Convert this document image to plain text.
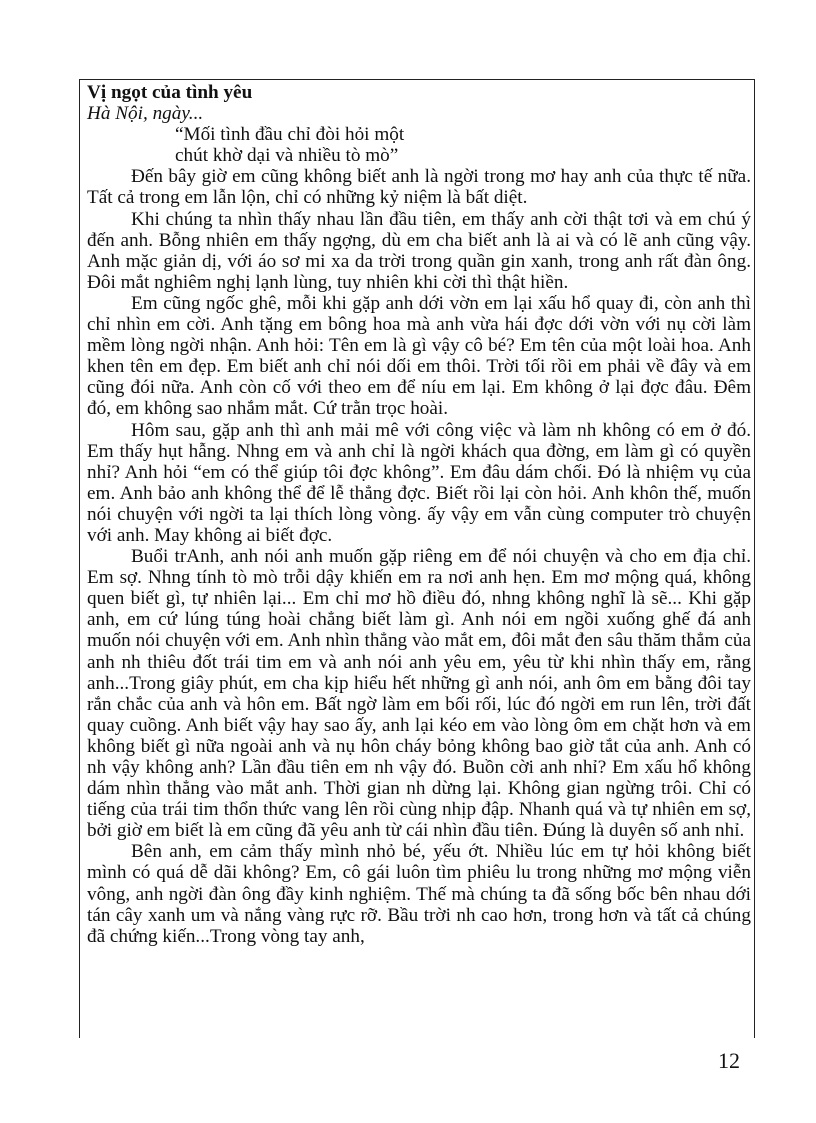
Vị ngọt của tình yêu

Hà Nội, ngày...

“Mối tình đầu chỉ đòi hỏi một

chút khờ dại và nhiều tò mò”

Đến bây giờ em cũng không biết anh là ngời trong mơ hay anh của thực tế nữa. Tất cả trong em lẫn lộn, chỉ có những kỷ niệm là bất diệt.

Khi chúng ta nhìn thấy nhau lần đầu tiên, em thấy anh cời thật tơi và em chú ý đến anh. Bỗng nhiên em thấy ngợng, dù em cha biết anh là ai và có lẽ anh cũng vậy. Anh mặc giản dị, với áo sơ mi xa da trời trong quần gin xanh, trong anh rất đàn ông. Đôi mắt nghiêm nghị lạnh lùng, tuy nhiên khi cời thì thật hiền.

Em cũng ngốc ghê, mỗi khi gặp anh dới vờn em lại xấu hổ quay đi, còn anh thì chỉ nhìn em cời. Anh tặng em bông hoa mà anh vừa hái đợc dới vờn với nụ cời làm mềm lòng ngời nhận. Anh hỏi: Tên em là gì vậy cô bé? Em tên của một loài hoa. Anh khen tên em đẹp. Em biết anh chỉ nói dối em thôi. Trời tối rồi em phải về đây và em cũng đói nữa. Anh còn cố với theo em để níu em lại. Em không ở lại đợc đâu. Đêm đó, em không sao nhắm mắt. Cứ trằn trọc hoài.

Hôm sau, gặp anh thì anh mải mê với công việc và làm nh không có em ở đó. Em thấy hụt hẫng. Nhng em và anh chỉ là ngời khách qua đờng, em làm gì có quyền nhỉ? Anh hỏi “em có thể giúp tôi đợc không”. Em đâu dám chối. Đó là nhiệm vụ của em. Anh bảo anh không thể để lễ thẳng đợc. Biết rồi lại còn hỏi. Anh khôn thế, muốn nói chuyện với ngời ta lại thích lòng vòng. ấy vậy em vẫn cùng computer trò chuyện với anh. May không ai biết đợc.

Buổi trAnh, anh nói anh muốn gặp riêng em để nói chuyện và cho em địa chỉ. Em sợ. Nhng tính tò mò trỗi dậy khiến em ra nơi anh hẹn. Em mơ mộng quá, không quen biết gì, tự nhiên lại... Em chỉ mơ hồ điều đó, nhng không nghĩ là sẽ... Khi gặp anh, em cứ lúng túng hoài chẳng biết làm gì. Anh nói em ngồi xuống ghế đá anh muốn nói chuyện với em. Anh nhìn thẳng vào mắt em, đôi mắt đen sâu thăm thẳm của anh nh thiêu đốt trái tim em và anh nói anh yêu em, yêu từ khi nhìn thấy em, rằng anh...Trong giây phút, em cha kịp hiểu hết những gì anh nói, anh ôm em bằng đôi tay rắn chắc của anh và hôn em. Bất ngờ làm em bối rối, lúc đó ngời em run lên, trời đất quay cuồng. Anh biết vậy hay sao ấy, anh lại kéo em vào lòng ôm em chặt hơn và em không biết gì nữa ngoài anh và nụ hôn cháy bỏng không bao giờ tắt của anh. Anh có nh vậy không anh? Lần đầu tiên em nh vậy đó. Buồn cời anh nhỉ? Em xấu hổ không dám nhìn thẳng vào mắt anh. Thời gian nh dừng lại. Không gian ngừng trôi. Chỉ có tiếng của trái tim thổn thức vang lên rồi cùng nhịp đập. Nhanh quá và tự nhiên em sợ, bởi giờ em biết là em cũng đã yêu anh từ cái nhìn đầu tiên. Đúng là duyên số anh nhỉ.

Bên anh, em cảm thấy mình nhỏ bé, yếu ớt. Nhiều lúc em tự hỏi không biết mình có quá dễ dãi không? Em, cô gái luôn tìm phiêu lu trong những mơ mộng viễn vông, anh ngời đàn ông đầy kinh nghiệm. Thế mà chúng ta đã sống bốc bên nhau dới tán cây xanh um và nắng vàng rực rỡ. Bầu trời nh cao hơn, trong hơn và tất cả chúng đã chứng kiến...Trong vòng tay anh,

12
